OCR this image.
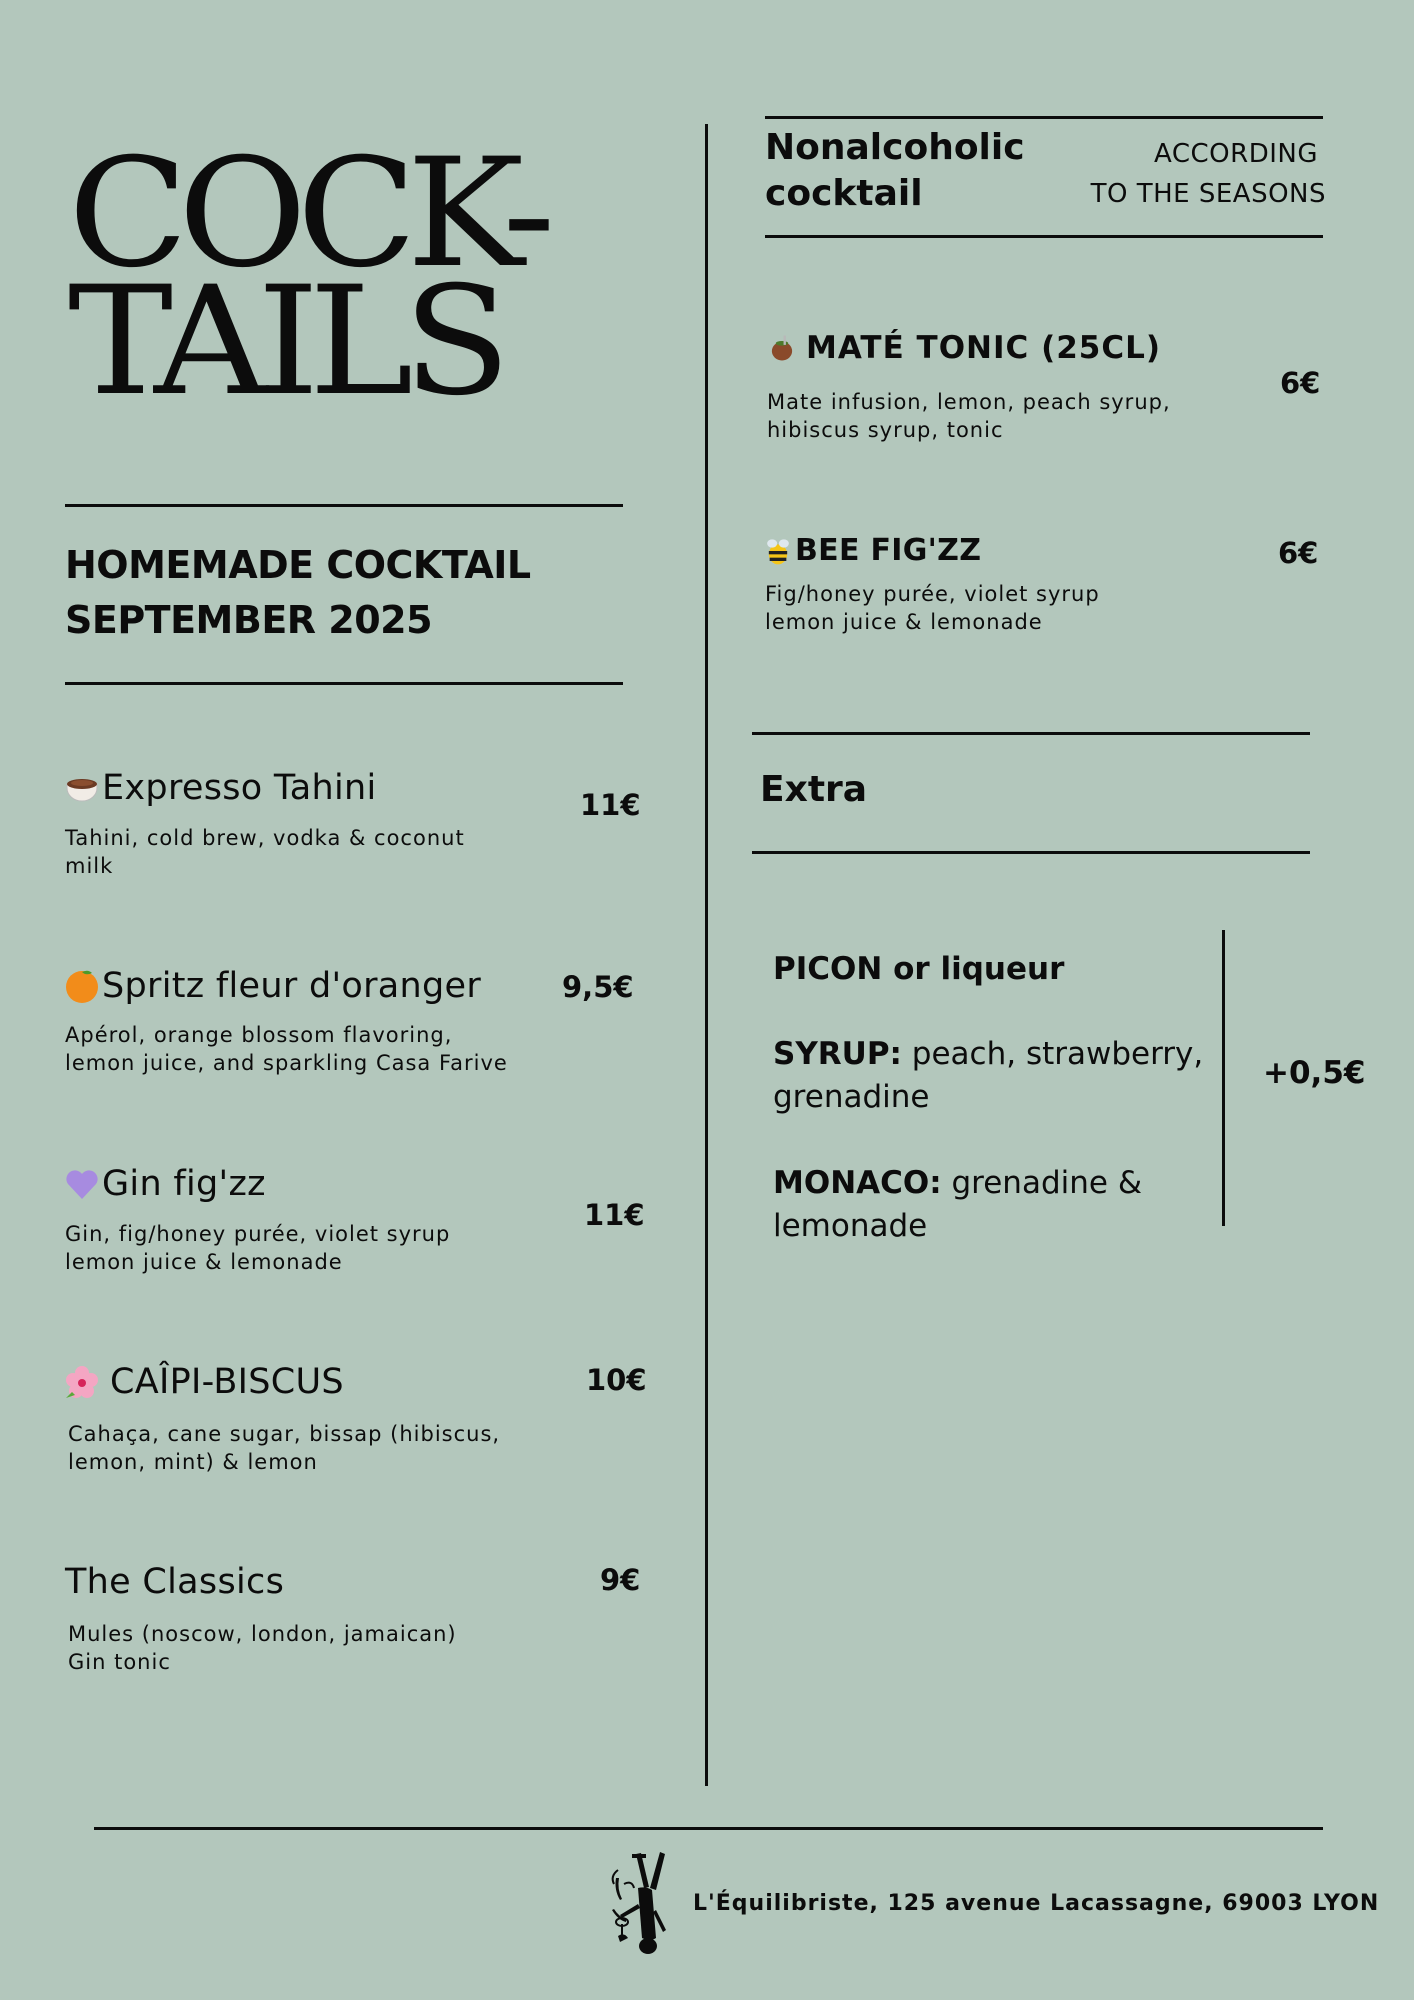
COCK-
TAILS
HOMEMADE COCKTAIL
SEPTEMBER 2025
Expresso Tahini	11€
Tahini, cold brew, vodka & coconut
milk
Spritz fleur d'oranger	9,5€
Apérol, orange blossom flavoring,
lemon juice, and sparkling Casa Farive
Gin fig'zz
11€
Gin, fig/honey purée, violet syrup
lemon juice & lemonade
CAÎPI-BISCUS	10€
Cahaça, cane sugar, bissap (hibiscus,
lemon, mint) & lemon
The Classics	9€
Mules (noscow, london, jamaican)
Gin tonic
Nonalcoholic
cocktail
ACCORDING
TO THE SEASONS
MATÉ TONIC (25CL)
6€
Mate infusion, lemon, peach syrup,
hibiscus syrup, tonic
BEE FIG'ZZ	6€
Fig/honey purée, violet syrup
lemon juice & lemonade
Extra
PICON or liqueur
SYRUP: peach, strawberry,
grenadine
MONACO: grenadine &
lemonade
+0,5€
L'Équilibriste, 125 avenue Lacassagne, 69003 LYON
